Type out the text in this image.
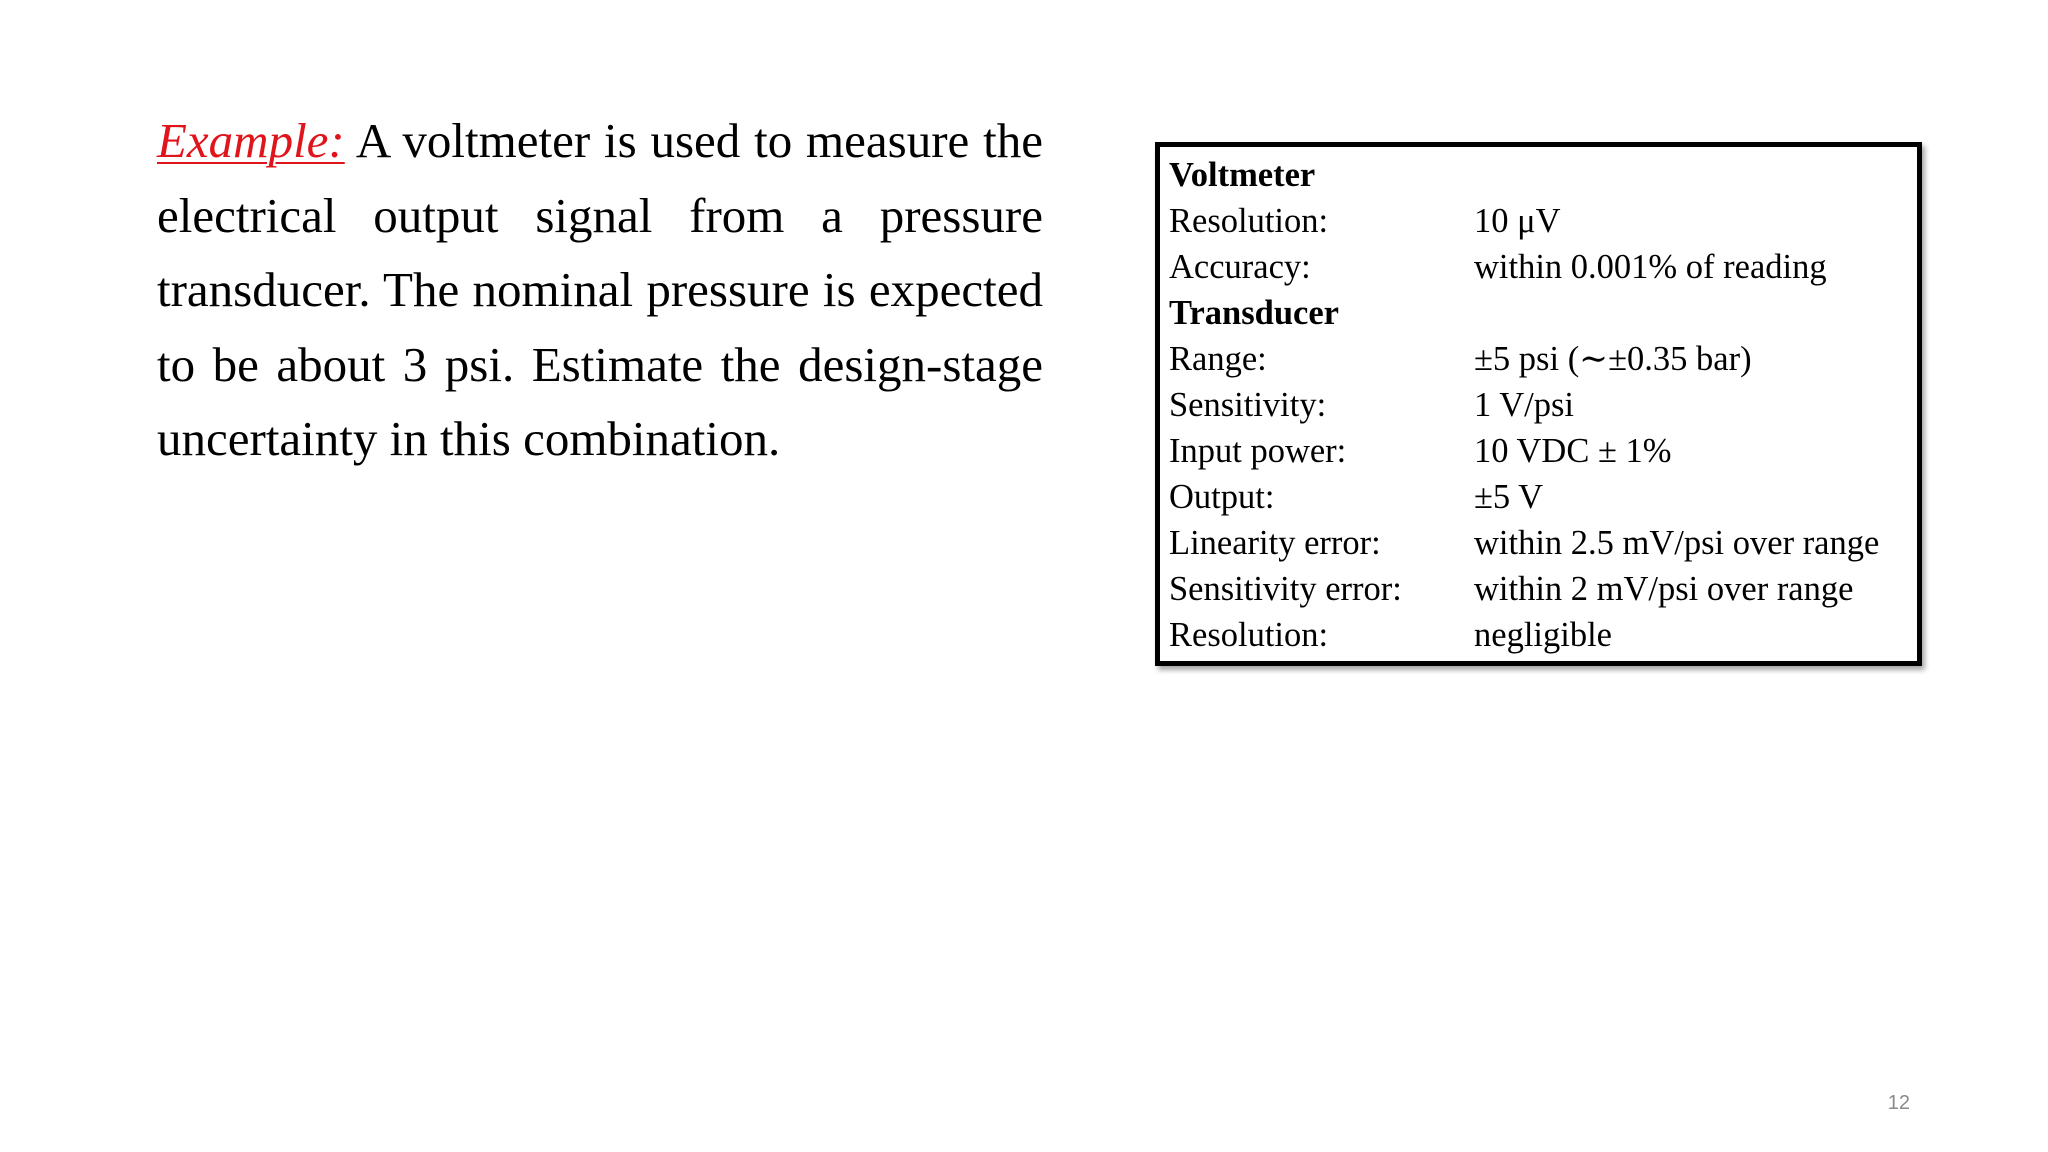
Example: A voltmeter is used to measure the electrical output signal from a pressure transducer. The nominal pressure is expected to be about 3 psi. Estimate the design-stage uncertainty in this combination.
Voltmeter	
Resolution:	10 μV
Accuracy:	within 0.001% of reading
Transducer	
Range:	±5 psi (∼±0.35 bar)
Sensitivity:	1 V/psi
Input power:	10 VDC ± 1%
Output:	±5 V
Linearity error:	within 2.5 mV/psi over range
Sensitivity error:	within 2 mV/psi over range
Resolution:	negligible
12
